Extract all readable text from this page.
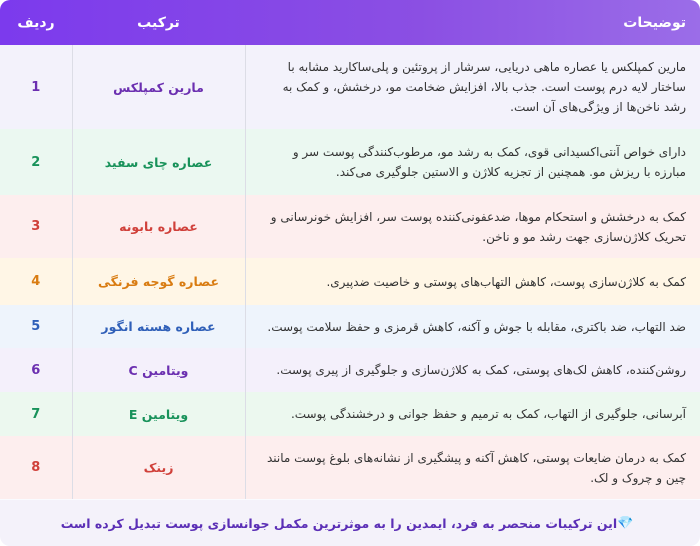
توضیحات	ترکیب	ردیف
مارین کمپلکس یا عصاره ماهی دریایی، سرشار از پروتئین و پلی‌ساکارید مشابه با ساختار لایه درم پوست است. جذب بالا، افزایش ضخامت مو، درخشش، و کمک به رشد ناخن‌ها از ویژگی‌های آن است.	مارین کمپلکس	1
دارای خواص آنتی‌اکسیدانی قوی، کمک به رشد مو، مرطوب‌کنندگی پوست سر و مبارزه با ریزش مو. همچنین از تجزیه کلاژن و الاستین جلوگیری می‌کند.	عصاره چای سفید	2
کمک به درخشش و استحکام موها، ضدعفونی‌کننده پوست سر، افزایش خونرسانی و تحریک کلاژن‌سازی جهت رشد مو و ناخن.	عصاره بابونه	3
کمک به کلاژن‌سازی پوست، کاهش التهاب‌های پوستی و خاصیت ضدپیری.	عصاره گوجه فرنگی	4
ضد التهاب، ضد باکتری، مقابله با جوش و آکنه، کاهش قرمزی و حفظ سلامت پوست.	عصاره هسته انگور	5
روشن‌کننده، کاهش لک‌های پوستی، کمک به کلاژن‌سازی و جلوگیری از پیری پوست.	ویتامین C	6
آبرسانی، جلوگیری از التهاب، کمک به ترمیم و حفظ جوانی و درخشندگی پوست.	ویتامین E	7
کمک به درمان ضایعات پوستی، کاهش آکنه و پیشگیری از نشانه‌های بلوغ پوست مانند چین و چروک و لک.	زینک	8
💎
این ترکیبات منحصر به فرد، ایمدین را به موثرترین مکمل جوانسازی پوست تبدیل کرده است
